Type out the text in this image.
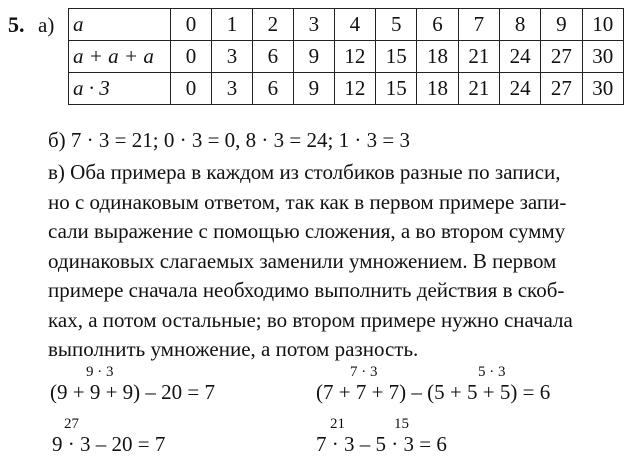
5. а) a	0	1	2	3	4	5	6	7	8	9	10
a + a + a	0	3	6	9	12	15	18	21	24	27	30
a · 3	0	3	6	9	12	15	18	21	24	27	30
б) 7 · 3 = 21; 0 · 3 = 0, 8 · 3 = 24; 1 · 3 = 3
в) Оба примера в каждом из столбиков разные по записи,
но с одинаковым ответом, так как в первом примере запи-
сали выражение с помощью сложения, а во втором сумму
одинаковых слагаемых заменили умножением. В первом
примере сначала необходимо выполнить действия в скоб-
ках, а потом остальные; во втором примере нужно сначала
выполнить умножение, а потом разность.
9 · 3
(9 + 9 + 9) – 20 = 7
7 · 3	5 · 3
(7 + 7 + 7) – (5 + 5 + 5) = 6
27
9 · 3 – 20 = 7
21	15
7 · 3 – 5 · 3 = 6
